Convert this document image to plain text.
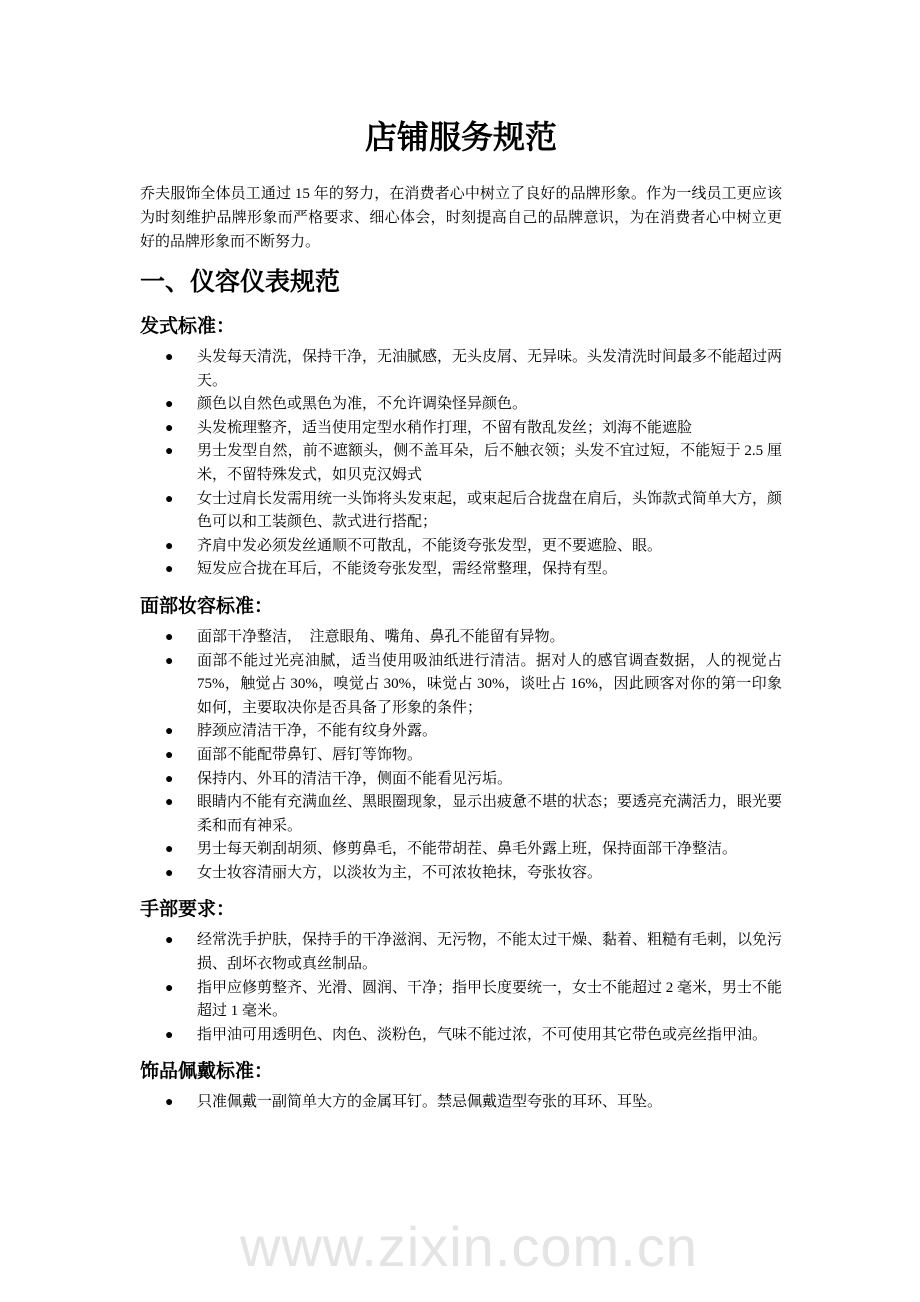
www.zixin.com.cn
店铺服务规范

乔夫服饰全体员工通过 15 年的努力，在消费者心中树立了良好的品牌形象。作为一线员工更应该为时刻维护品牌形象而严格要求、细心体会，时刻提高自己的品牌意识，为在消费者心中树立更好的品牌形象而不断努力。

一、仪容仪表规范
发式标准：
● 头发每天清洗，保持干净，无油腻感，无头皮屑、无异味。头发清洗时间最多不能超过两天。
● 颜色以自然色或黑色为准，不允许调染怪异颜色。
● 头发梳理整齐，适当使用定型水稍作打理，不留有散乱发丝；刘海不能遮脸
● 男士发型自然，前不遮额头，侧不盖耳朵，后不触衣领；头发不宜过短，不能短于 2.5 厘米，不留特殊发式，如贝克汉姆式
● 女士过肩长发需用统一头饰将头发束起，或束起后合拢盘在肩后，头饰款式简单大方，颜色可以和工装颜色、款式进行搭配；
● 齐肩中发必须发丝通顺不可散乱，不能烫夸张发型，更不要遮脸、眼。
● 短发应合拢在耳后，不能烫夸张发型，需经常整理，保持有型。
面部妆容标准：
● 面部干净整洁，　注意眼角、嘴角、鼻孔不能留有异物。
● 面部不能过光亮油腻，适当使用吸油纸进行清洁。据对人的感官调查数据，人的视觉占 75%，触觉占 30%，嗅觉占 30%，味觉占 30%，谈吐占 16%，因此顾客对你的第一印象如何，主要取决你是否具备了形象的条件；
● 脖颈应清洁干净，不能有纹身外露。
● 面部不能配带鼻钉、唇钉等饰物。
● 保持内、外耳的清洁干净，侧面不能看见污垢。
● 眼睛内不能有充满血丝、黑眼圈现象，显示出疲惫不堪的状态；要透亮充满活力，眼光要柔和而有神采。
● 男士每天剃刮胡须、修剪鼻毛，不能带胡茬、鼻毛外露上班，保持面部干净整洁。
● 女士妆容清丽大方，以淡妆为主，不可浓妆艳抹，夸张妆容。
手部要求：
● 经常洗手护肤，保持手的干净滋润、无污物，不能太过干燥、黏着、粗糙有毛刺，以免污损、刮坏衣物或真丝制品。
● 指甲应修剪整齐、光滑、圆润、干净；指甲长度要统一，女士不能超过 2 毫米，男士不能超过 1 毫米。
● 指甲油可用透明色、肉色、淡粉色，气味不能过浓，不可使用其它带色或亮丝指甲油。
饰品佩戴标准：
● 只准佩戴一副简单大方的金属耳钉。禁忌佩戴造型夸张的耳环、耳坠。
